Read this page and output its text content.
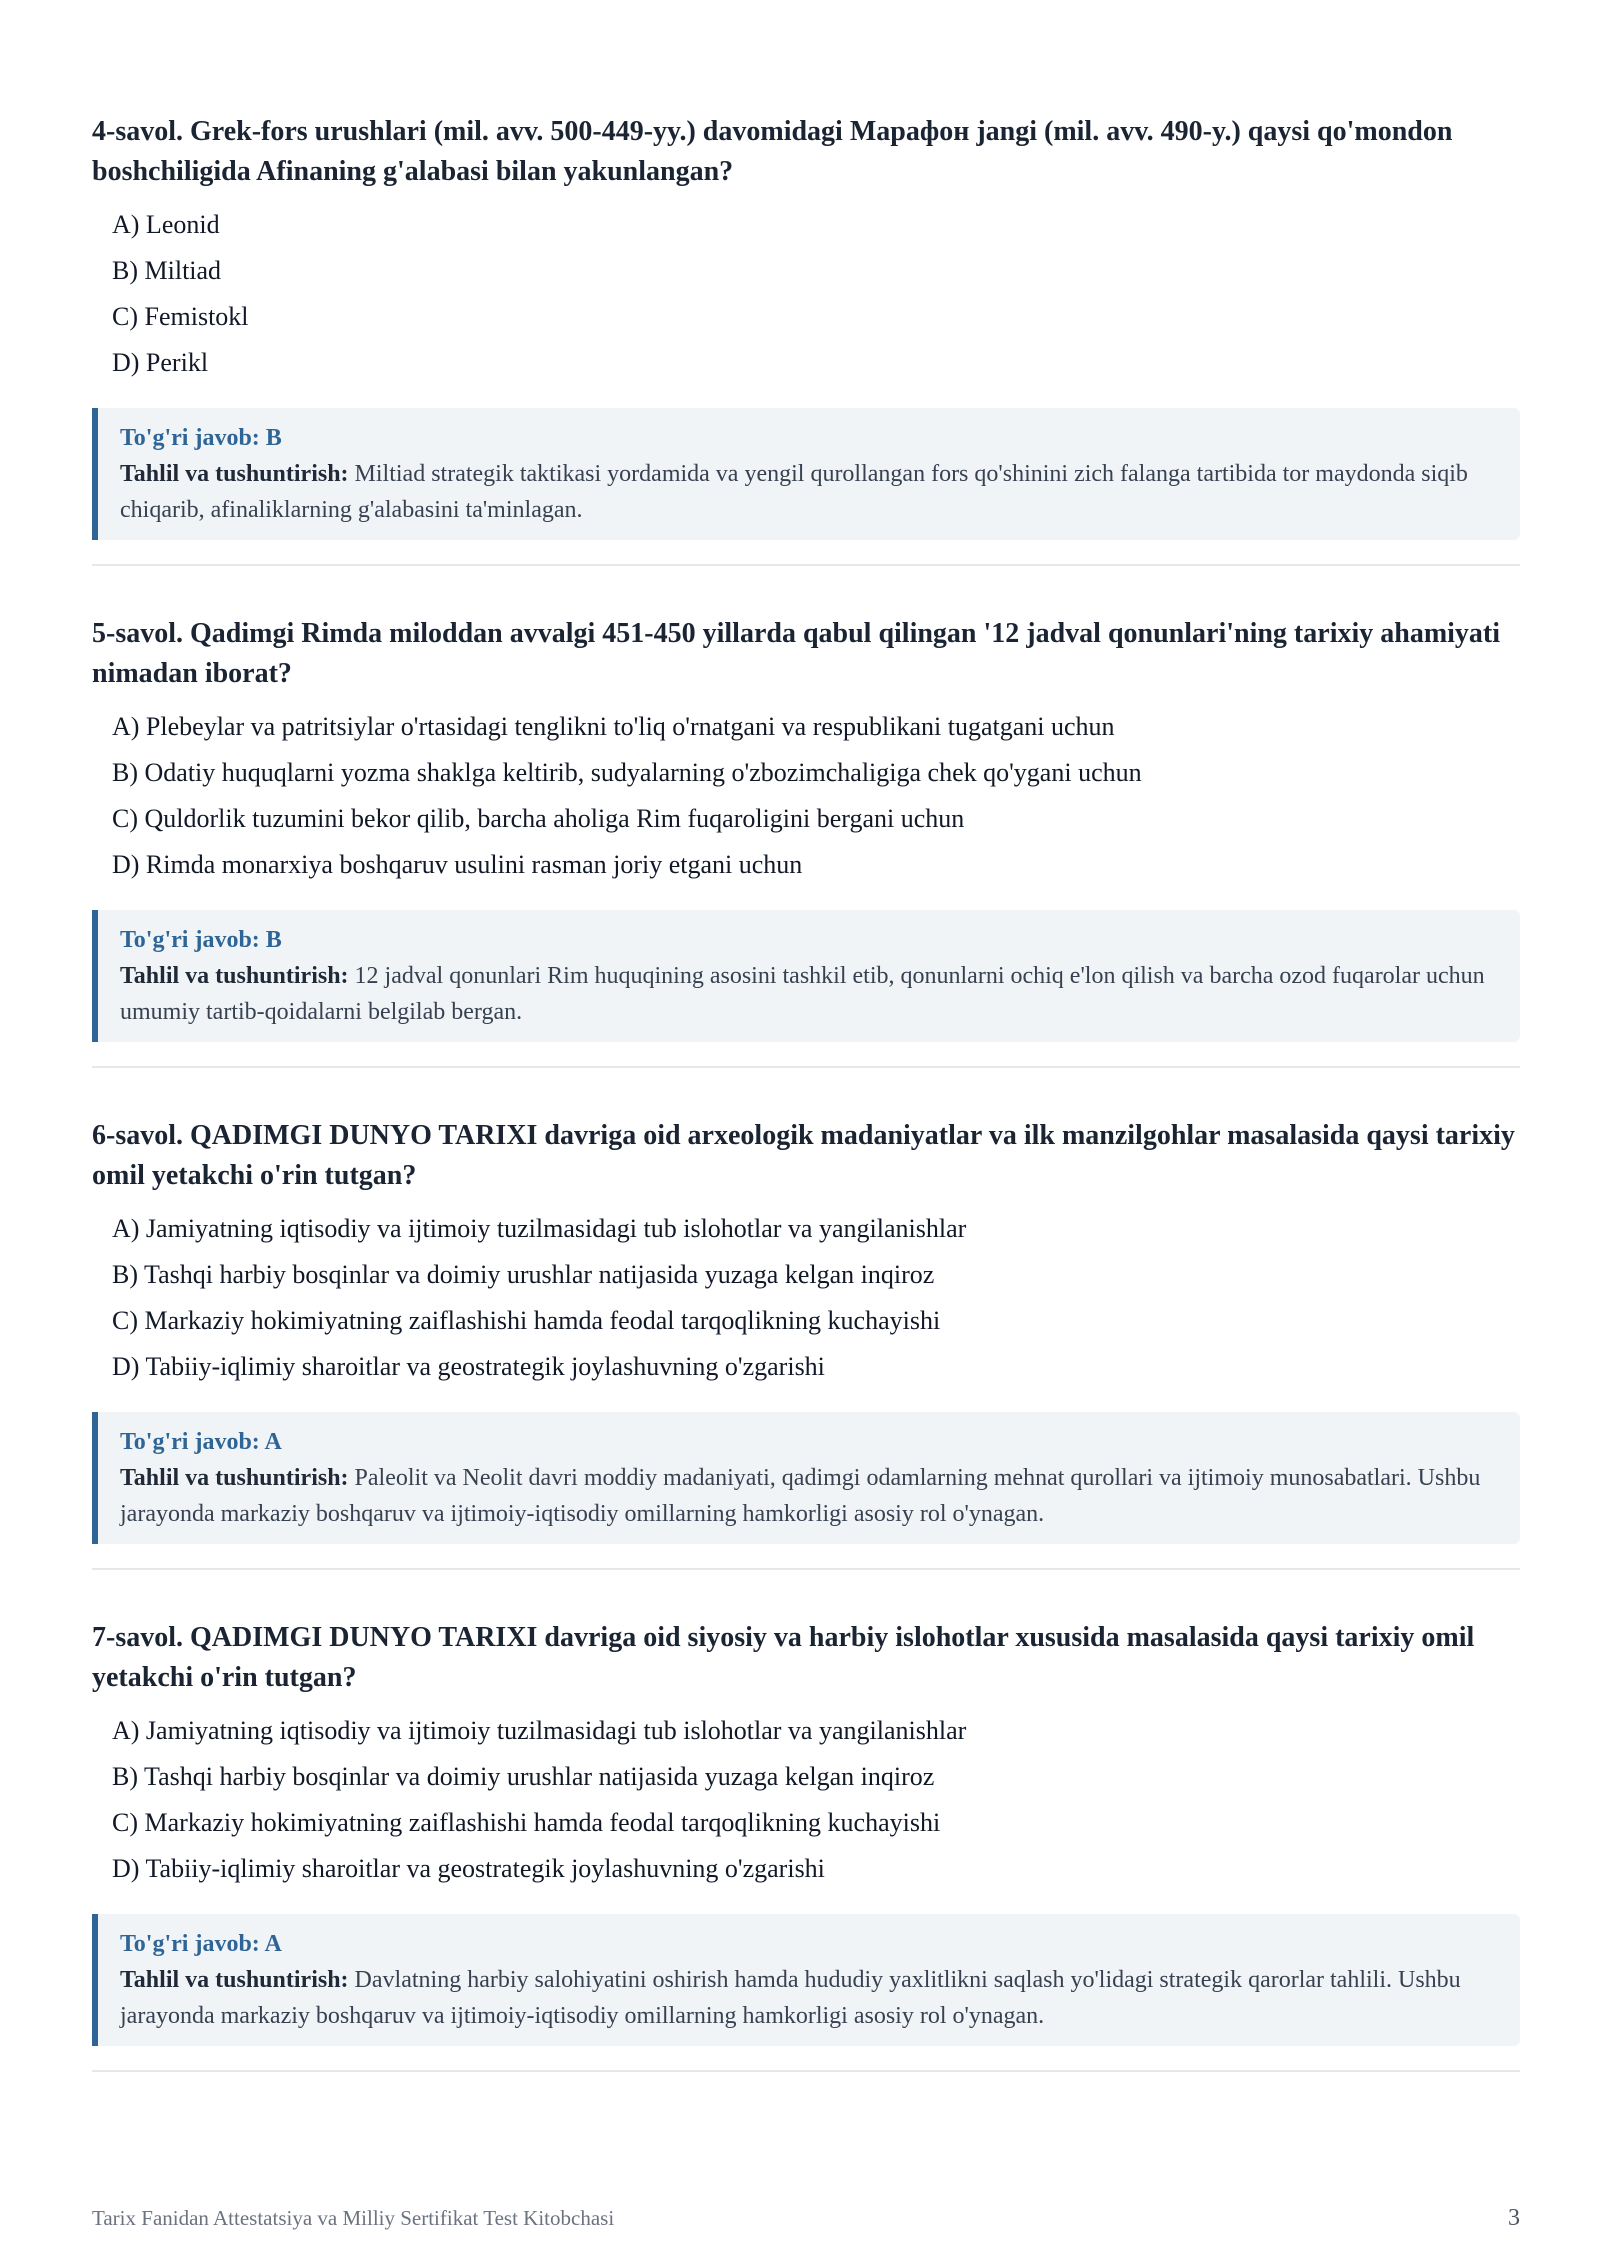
4-savol. Grek-fors urushlari (mil. avv. 500-449-yy.) davomidagi Марафон jangi (mil. avv. 490-y.) qaysi qo'mondon boshchiligida Afinaning g'alabasi bilan yakunlangan?

A) Leonid
B) Miltiad
C) Femistokl
D) Perikl
To'g'ri javob: B
Tahlil va tushuntirish: Miltiad strategik taktikasi yordamida va yengil qurollangan fors qo'shinini zich falanga tartibida tor maydonda siqib chiqarib, afinaliklarning g'alabasini ta'minlagan.

5-savol. Qadimgi Rimda miloddan avvalgi 451-450 yillarda qabul qilingan '12 jadval qonunlari'ning tarixiy ahamiyati nimadan iborat?

A) Plebeylar va patritsiylar o'rtasidagi tenglikni to'liq o'rnatgani va respublikani tugatgani uchun
B) Odatiy huquqlarni yozma shaklga keltirib, sudyalarning o'zbozimchaligiga chek qo'ygani uchun
C) Quldorlik tuzumini bekor qilib, barcha aholiga Rim fuqaroligini bergani uchun
D) Rimda monarxiya boshqaruv usulini rasman joriy etgani uchun
To'g'ri javob: B
Tahlil va tushuntirish: 12 jadval qonunlari Rim huquqining asosini tashkil etib, qonunlarni ochiq e'lon qilish va barcha ozod fuqarolar uchun umumiy tartib-qoidalarni belgilab bergan.

6-savol. QADIMGI DUNYO TARIXI davriga oid arxeologik madaniyatlar va ilk manzilgohlar masalasida qaysi tarixiy omil yetakchi o'rin tutgan?

A) Jamiyatning iqtisodiy va ijtimoiy tuzilmasidagi tub islohotlar va yangilanishlar
B) Tashqi harbiy bosqinlar va doimiy urushlar natijasida yuzaga kelgan inqiroz
C) Markaziy hokimiyatning zaiflashishi hamda feodal tarqoqlikning kuchayishi
D) Tabiiy-iqlimiy sharoitlar va geostrategik joylashuvning o'zgarishi
To'g'ri javob: A
Tahlil va tushuntirish: Paleolit va Neolit davri moddiy madaniyati, qadimgi odamlarning mehnat qurollari va ijtimoiy munosabatlari. Ushbu jarayonda markaziy boshqaruv va ijtimoiy-iqtisodiy omillarning hamkorligi asosiy rol o'ynagan.

7-savol. QADIMGI DUNYO TARIXI davriga oid siyosiy va harbiy islohotlar xususida masalasida qaysi tarixiy omil yetakchi o'rin tutgan?

A) Jamiyatning iqtisodiy va ijtimoiy tuzilmasidagi tub islohotlar va yangilanishlar
B) Tashqi harbiy bosqinlar va doimiy urushlar natijasida yuzaga kelgan inqiroz
C) Markaziy hokimiyatning zaiflashishi hamda feodal tarqoqlikning kuchayishi
D) Tabiiy-iqlimiy sharoitlar va geostrategik joylashuvning o'zgarishi
To'g'ri javob: A
Tahlil va tushuntirish: Davlatning harbiy salohiyatini oshirish hamda hududiy yaxlitlikni saqlash yo'lidagi strategik qarorlar tahlili. Ushbu jarayonda markaziy boshqaruv va ijtimoiy-iqtisodiy omillarning hamkorligi asosiy rol o'ynagan.
Tarix Fanidan Attestatsiya va Milliy Sertifikat Test Kitobchasi	3
